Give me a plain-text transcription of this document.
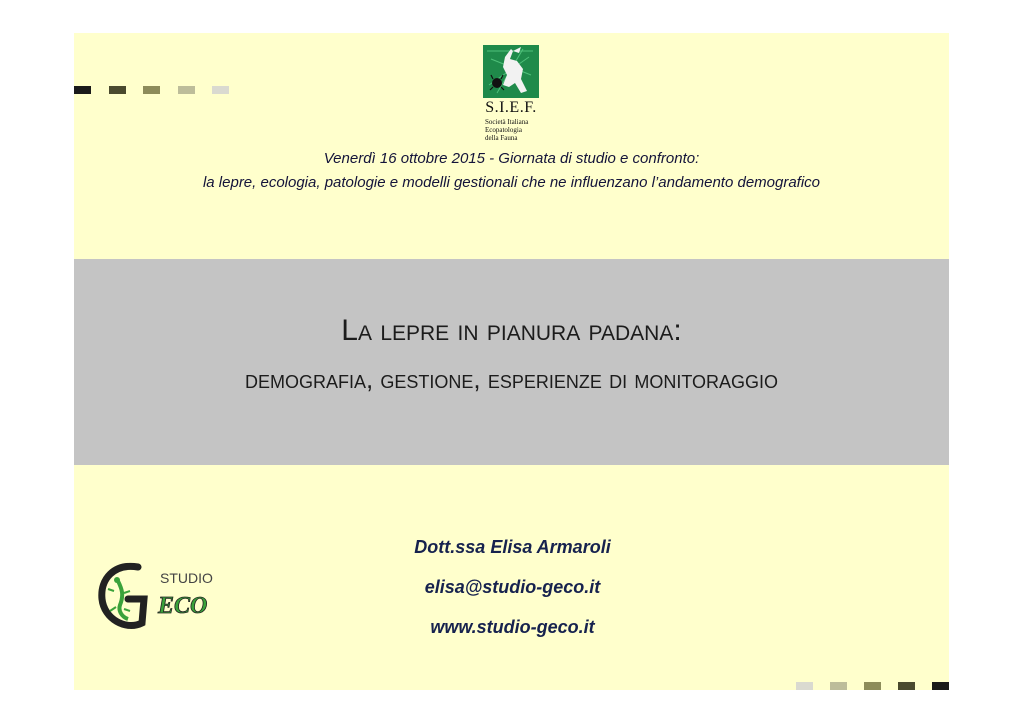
S.I.E.F.
Società Italiana
Ecopatologia
della Fauna
Venerdì 16 ottobre 2015 - Giornata di studio e confronto:
la lepre, ecologia, patologie e modelli gestionali che ne influenzano l’andamento demografico
La lepre in pianura padana:
demografia, gestione, esperienze di monitoraggio
Dott.ssa Elisa Armaroli
elisa@studio-geco.it
www.studio-geco.it
STUDIO
ECO
